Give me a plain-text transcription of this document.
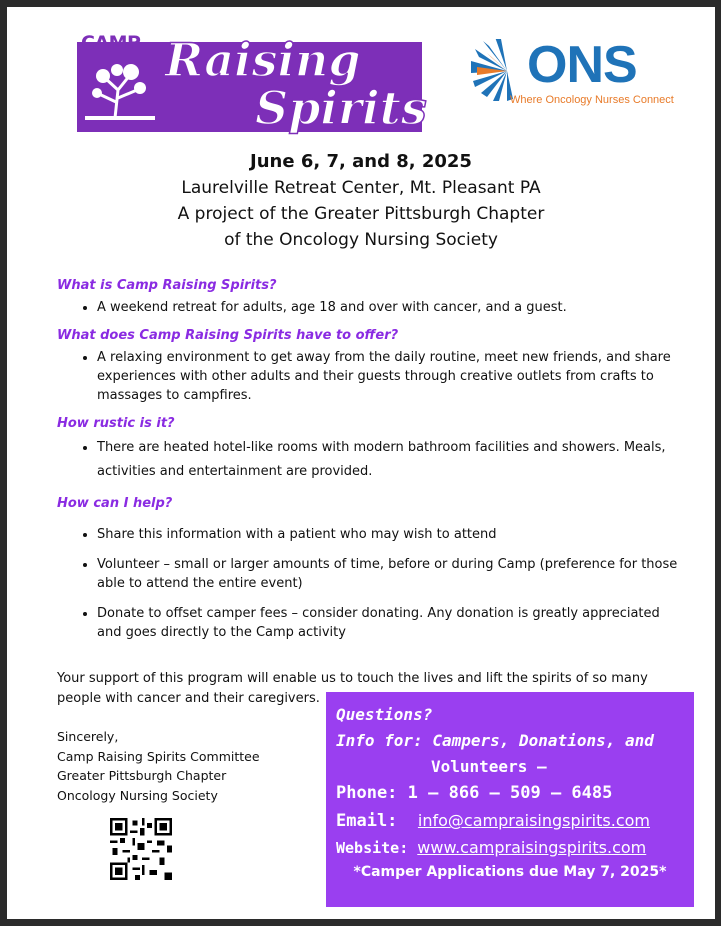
CAMP Raising
Spirits
ONS
Where Oncology Nurses Connect
June 6, 7, and 8, 2025
Laurelville Retreat Center, Mt. Pleasant PA
A project of the Greater Pittsburgh Chapter
of the Oncology Nursing Society
What is Camp Raising Spirits?
• A weekend retreat for adults, age 18 and over with cancer, and a guest.
What does Camp Raising Spirits have to offer?
• A relaxing environment to get away from the daily routine, meet new friends, and share experiences with other adults and their guests through creative outlets from crafts to massages to campfires.
How rustic is it?
• There are heated hotel-like rooms with modern bathroom facilities and showers. Meals, activities and entertainment are provided.
How can I help?
• Share this information with a patient who may wish to attend
• Volunteer – small or larger amounts of time, before or during Camp (preference for those able to attend the entire event)
• Donate to offset camper fees – consider donating. Any donation is greatly appreciated and goes directly to the Camp activity
Your support of this program will enable us to touch the lives and lift the spirits of so many people with cancer and their caregivers.
Sincerely,
Camp Raising Spirits Committee
Greater Pittsburgh Chapter
Oncology Nursing Society
Questions?
Info for: Campers, Donations, and
Volunteers –
Phone: 1 – 866 – 509 – 6485
Email: info@campraisingspirits.com
Website: www.campraisingspirits.com
*Camper Applications due May 7, 2025*
